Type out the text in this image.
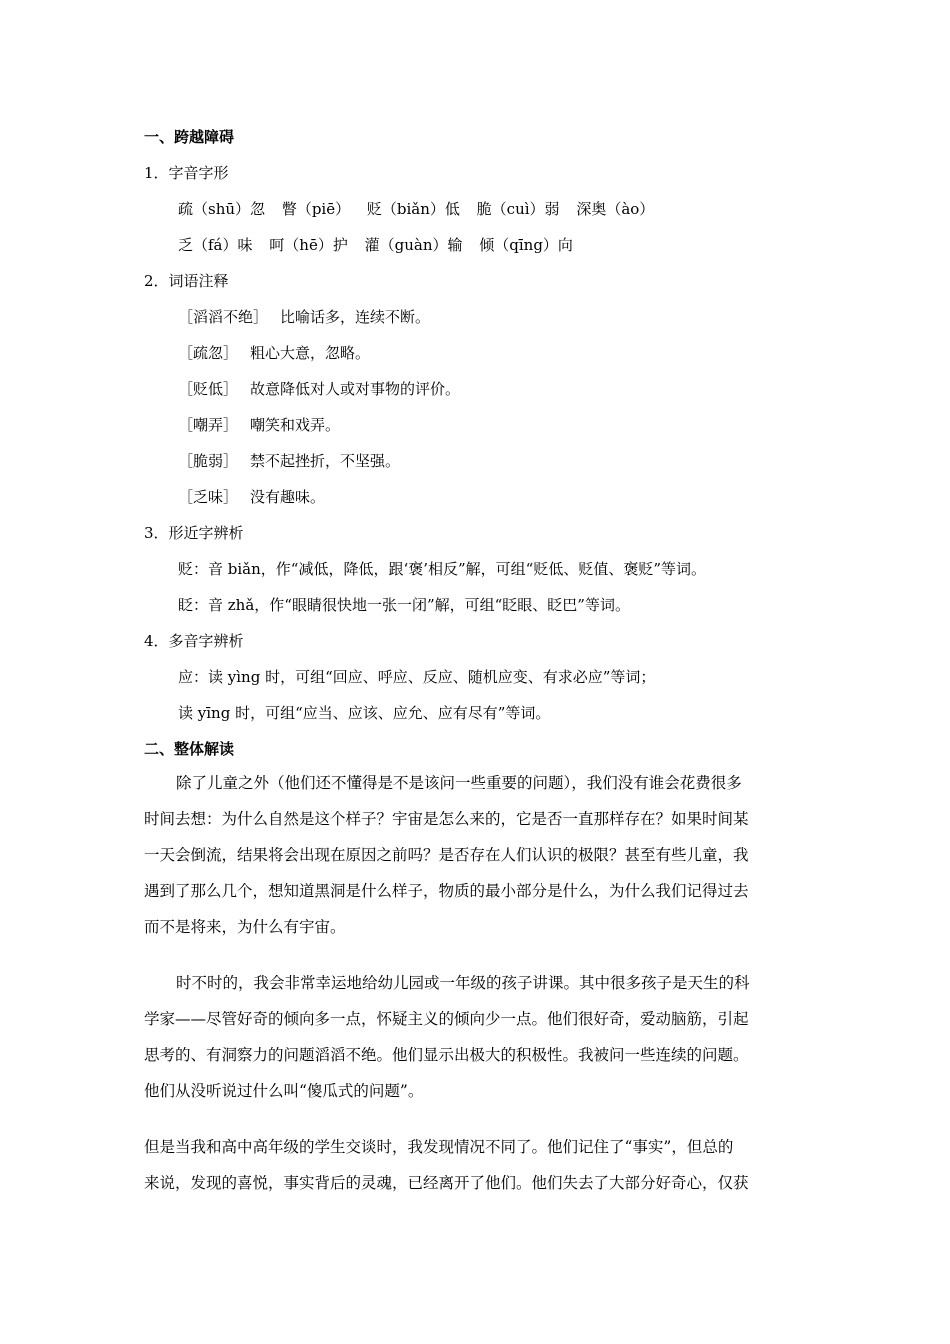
一、跨越障碍
1．字音字形
疏（shū）忽 瞥（piē） 贬（biǎn）低 脆（cuì）弱 深奥（ào）
乏（fá）味 呵（hē）护 灌（guàn）输 倾（qīng）向
2．词语注释
［滔滔不绝］ 比喻话多，连续不断。
［疏忽］ 粗心大意，忽略。
［贬低］ 故意降低对人或对事物的评价。
［嘲弄］ 嘲笑和戏弄。
［脆弱］ 禁不起挫折，不坚强。
［乏味］ 没有趣味。
3．形近字辨析
贬：音 biǎn，作“减低，降低，跟‘褒’相反”解，可组“贬低、贬值、褒贬”等词。
眨：音 zhǎ，作“眼睛很快地一张一闭”解，可组“眨眼、眨巴”等词。
4．多音字辨析
应：读 yìng 时，可组“回应、呼应、反应、随机应变、有求必应”等词；
读 yīng 时，可组“应当、应该、应允、应有尽有”等词。
二、整体解读
除了儿童之外（他们还不懂得是不是该问一些重要的问题），我们没有谁会花费很多
时间去想：为什么自然是这个样子？宇宙是怎么来的，它是否一直那样存在？如果时间某
一天会倒流，结果将会出现在原因之前吗？是否存在人们认识的极限？甚至有些儿童，我
遇到了那么几个，想知道黑洞是什么样子，物质的最小部分是什么，为什么我们记得过去
而不是将来，为什么有宇宙。
时不时的，我会非常幸运地给幼儿园或一年级的孩子讲课。其中很多孩子是天生的科
学家——尽管好奇的倾向多一点，怀疑主义的倾向少一点。他们很好奇，爱动脑筋，引起
思考的、有洞察力的问题滔滔不绝。他们显示出极大的积极性。我被问一些连续的问题。
他们从没听说过什么叫“傻瓜式的问题”。
但是当我和高中高年级的学生交谈时，我发现情况不同了。他们记住了“事实”，但总的
来说，发现的喜悦，事实背后的灵魂，已经离开了他们。他们失去了大部分好奇心，仅获
